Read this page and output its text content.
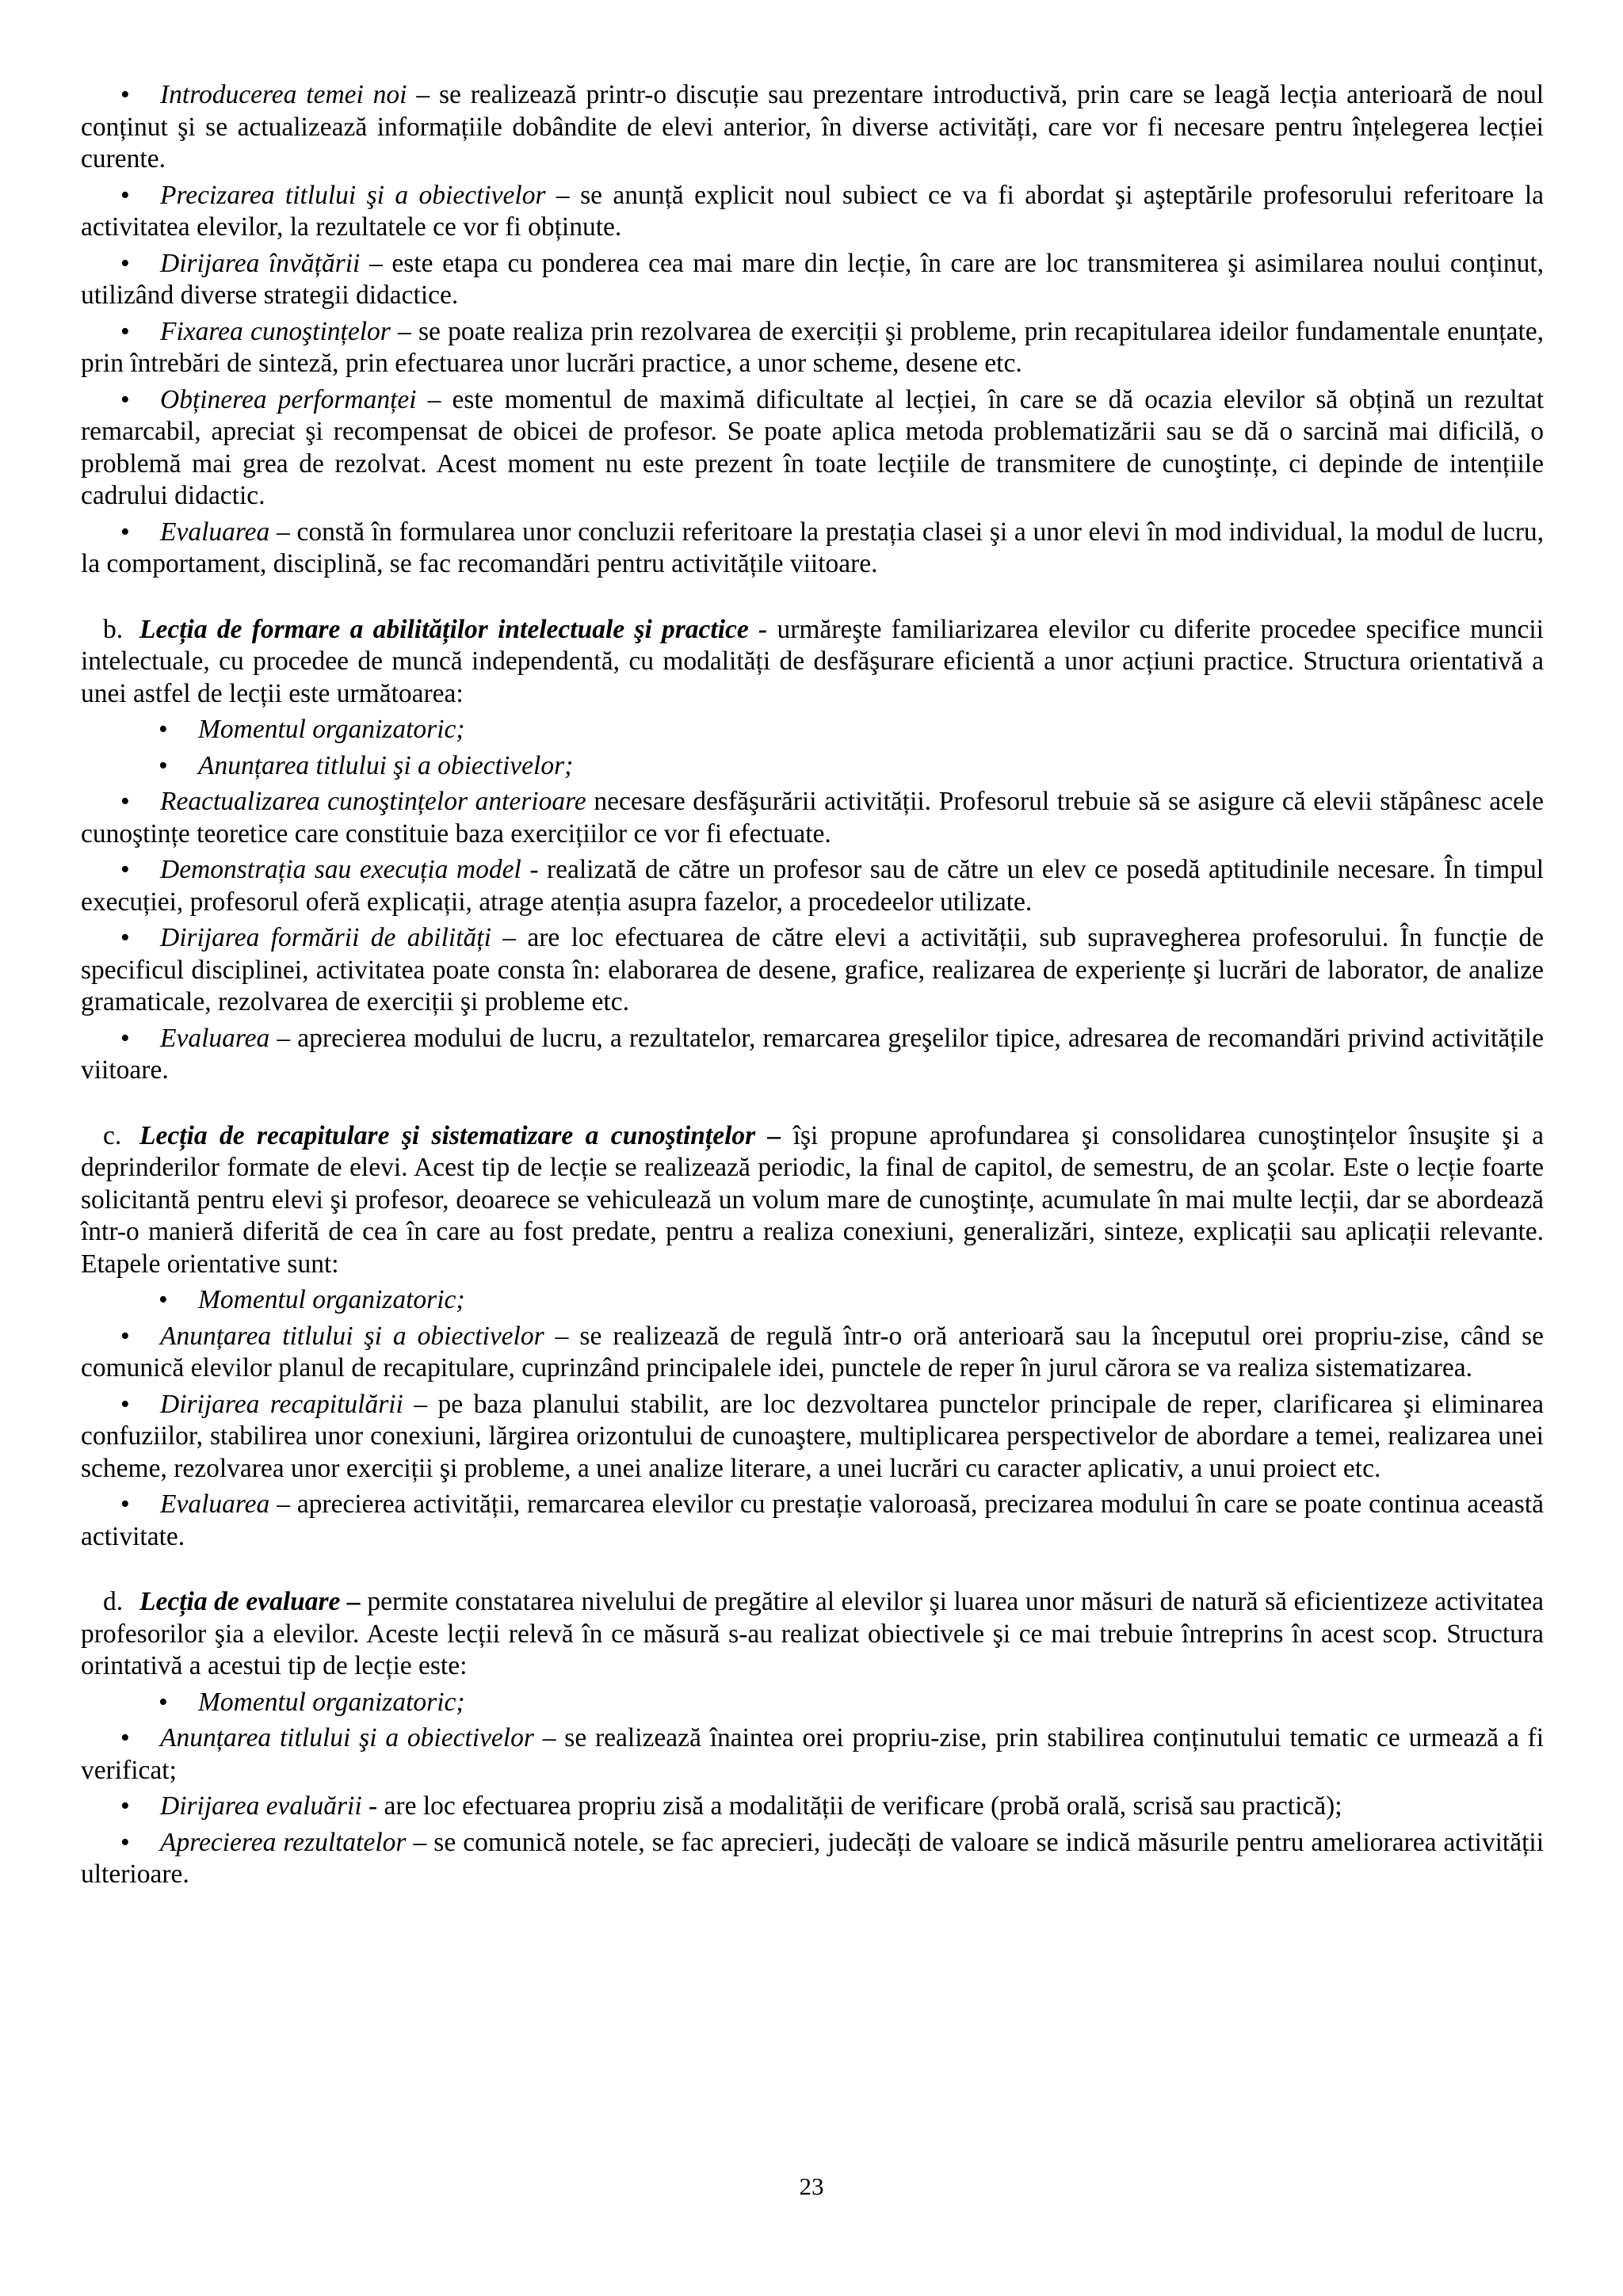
• Introducerea temei noi – se realizează printr-o discuție sau prezentare introductivă, prin care se leagă lecția anterioară de noul conținut şi se actualizează informațiile dobândite de elevi anterior, în diverse activități, care vor fi necesare pentru înțelegerea lecției curente.

• Precizarea titlului şi a obiectivelor – se anunță explicit noul subiect ce va fi abordat şi aşteptările profesorului referitoare la activitatea elevilor, la rezultatele ce vor fi obținute.

• Dirijarea învățării – este etapa cu ponderea cea mai mare din lecție, în care are loc transmiterea şi asimilarea noului conținut, utilizând diverse strategii didactice.

• Fixarea cunoştințelor – se poate realiza prin rezolvarea de exerciții şi probleme, prin recapitularea ideilor fundamentale enunțate, prin întrebări de sinteză, prin efectuarea unor lucrări practice, a unor scheme, desene etc.

• Obținerea performanței – este momentul de maximă dificultate al lecției, în care se dă ocazia elevilor să obțină un rezultat remarcabil, apreciat şi recompensat de obicei de profesor. Se poate aplica metoda problematizării sau se dă o sarcină mai dificilă, o problemă mai grea de rezolvat. Acest moment nu este prezent în toate lecțiile de transmitere de cunoştințe, ci depinde de intențiile cadrului didactic.

• Evaluarea – constă în formularea unor concluzii referitoare la prestația clasei şi a unor elevi în mod individual, la modul de lucru, la comportament, disciplină, se fac recomandări pentru activitățile viitoare.

b. Lecția de formare a abilităților intelectuale şi practice - urmăreşte familiarizarea elevilor cu diferite procedee specifice muncii intelectuale, cu procedee de muncă independentă, cu modalități de desfăşurare eficientă a unor acțiuni practice. Structura orientativă a unei astfel de lecții este următoarea:

• Momentul organizatoric;

• Anunțarea titlului şi a obiectivelor;

• Reactualizarea cunoştințelor anterioare necesare desfăşurării activității. Profesorul trebuie să se asigure că elevii stăpânesc acele cunoştințe teoretice care constituie baza exercițiilor ce vor fi efectuate.

• Demonstrația sau execuția model - realizată de către un profesor sau de către un elev ce posedă aptitudinile necesare. În timpul execuției, profesorul oferă explicații, atrage atenția asupra fazelor, a procedeelor utilizate.

• Dirijarea formării de abilități – are loc efectuarea de către elevi a activității, sub supravegherea profesorului. În funcție de specificul disciplinei, activitatea poate consta în: elaborarea de desene, grafice, realizarea de experiențe şi lucrări de laborator, de analize gramaticale, rezolvarea de exerciții şi probleme etc.

• Evaluarea – aprecierea modului de lucru, a rezultatelor, remarcarea greşelilor tipice, adresarea de recomandări privind activitățile viitoare.

c. Lecția de recapitulare şi sistematizare a cunoştințelor – îşi propune aprofundarea şi consolidarea cunoştințelor însuşite şi a deprinderilor formate de elevi. Acest tip de lecție se realizează periodic, la final de capitol, de semestru, de an şcolar. Este o lecție foarte solicitantă pentru elevi şi profesor, deoarece se vehiculează un volum mare de cunoştințe, acumulate în mai multe lecții, dar se abordează într-o manieră diferită de cea în care au fost predate, pentru a realiza conexiuni, generalizări, sinteze, explicații sau aplicații relevante. Etapele orientative sunt:

• Momentul organizatoric;

• Anunțarea titlului şi a obiectivelor – se realizează de regulă într-o oră anterioară sau la începutul orei propriu-zise, când se comunică elevilor planul de recapitulare, cuprinzând principalele idei, punctele de reper în jurul cărora se va realiza sistematizarea.

• Dirijarea recapitulării – pe baza planului stabilit, are loc dezvoltarea punctelor principale de reper, clarificarea şi eliminarea confuziilor, stabilirea unor conexiuni, lărgirea orizontului de cunoaştere, multiplicarea perspectivelor de abordare a temei, realizarea unei scheme, rezolvarea unor exerciții şi probleme, a unei analize literare, a unei lucrări cu caracter aplicativ, a unui proiect etc.

• Evaluarea – aprecierea activității, remarcarea elevilor cu prestație valoroasă, precizarea modului în care se poate continua această activitate.

d. Lecția de evaluare – permite constatarea nivelului de pregătire al elevilor şi luarea unor măsuri de natură să eficientizeze activitatea profesorilor şia a elevilor. Aceste lecții relevă în ce măsură s-au realizat obiectivele şi ce mai trebuie întreprins în acest scop. Structura orintativă a acestui tip de lecție este:

• Momentul organizatoric;

• Anunțarea titlului şi a obiectivelor – se realizează înaintea orei propriu-zise, prin stabilirea conținutului tematic ce urmează a fi verificat;

• Dirijarea evaluării - are loc efectuarea propriu zisă a modalității de verificare (probă orală, scrisă sau practică);

• Aprecierea rezultatelor – se comunică notele, se fac aprecieri, judecăți de valoare se indică măsurile pentru ameliorarea activității ulterioare.

23
